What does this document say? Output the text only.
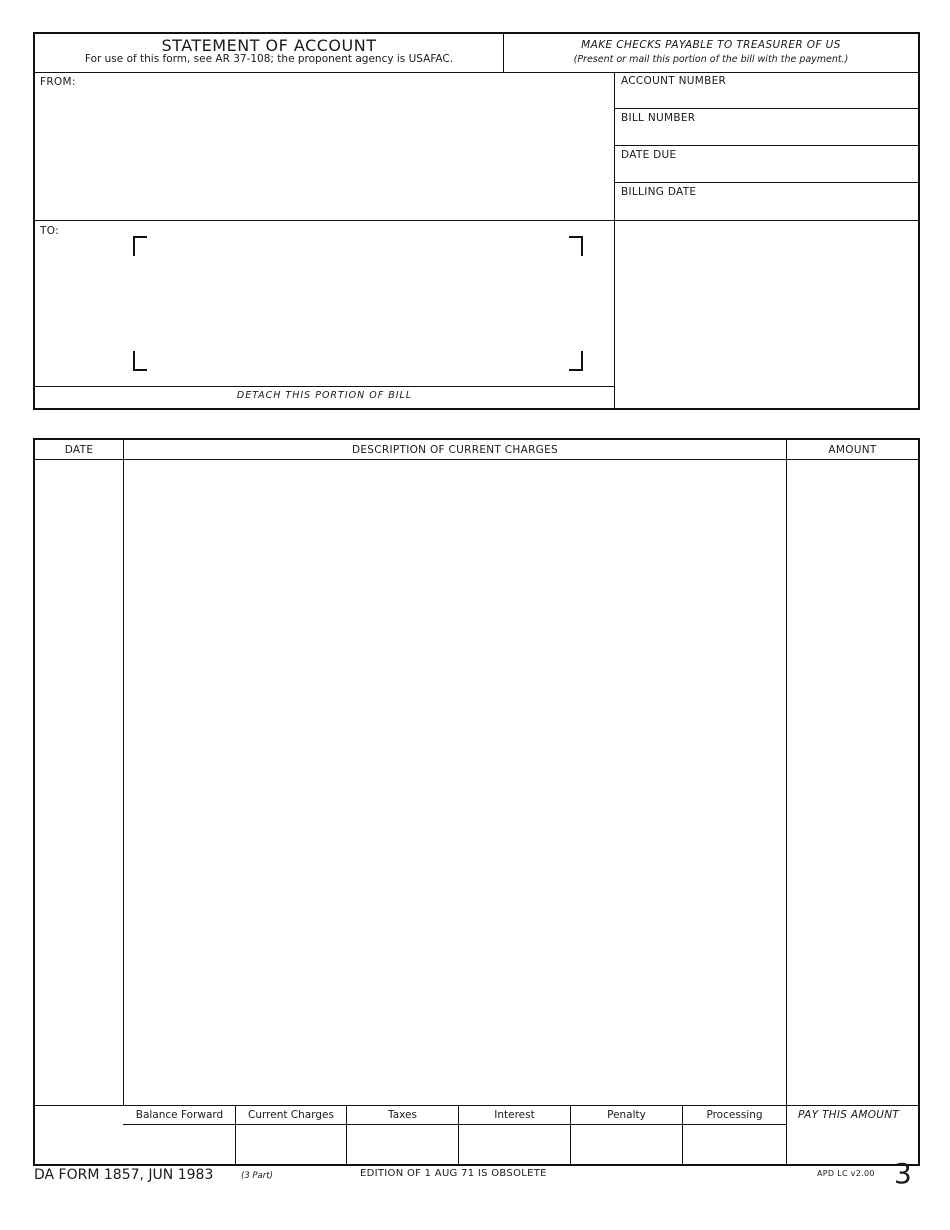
STATEMENT OF ACCOUNT
For use of this form, see AR 37-108; the proponent agency is USAFAC.
MAKE CHECKS PAYABLE TO TREASURER OF US
(Present or mail this portion of the bill with the payment.)
FROM:
TO:
DETACH THIS PORTION OF BILL
ACCOUNT NUMBER
BILL NUMBER
DATE DUE
BILLING DATE
DATE	DESCRIPTION OF CURRENT CHARGES	AMOUNT
Balance Forward	Current Charges	Taxes	Interest	Penalty	Processing	PAY THIS AMOUNT
DA FORM 1857, JUN 1983	(3 Part)	EDITION OF 1 AUG 71 IS OBSOLETE	APD LC v2.00 3
